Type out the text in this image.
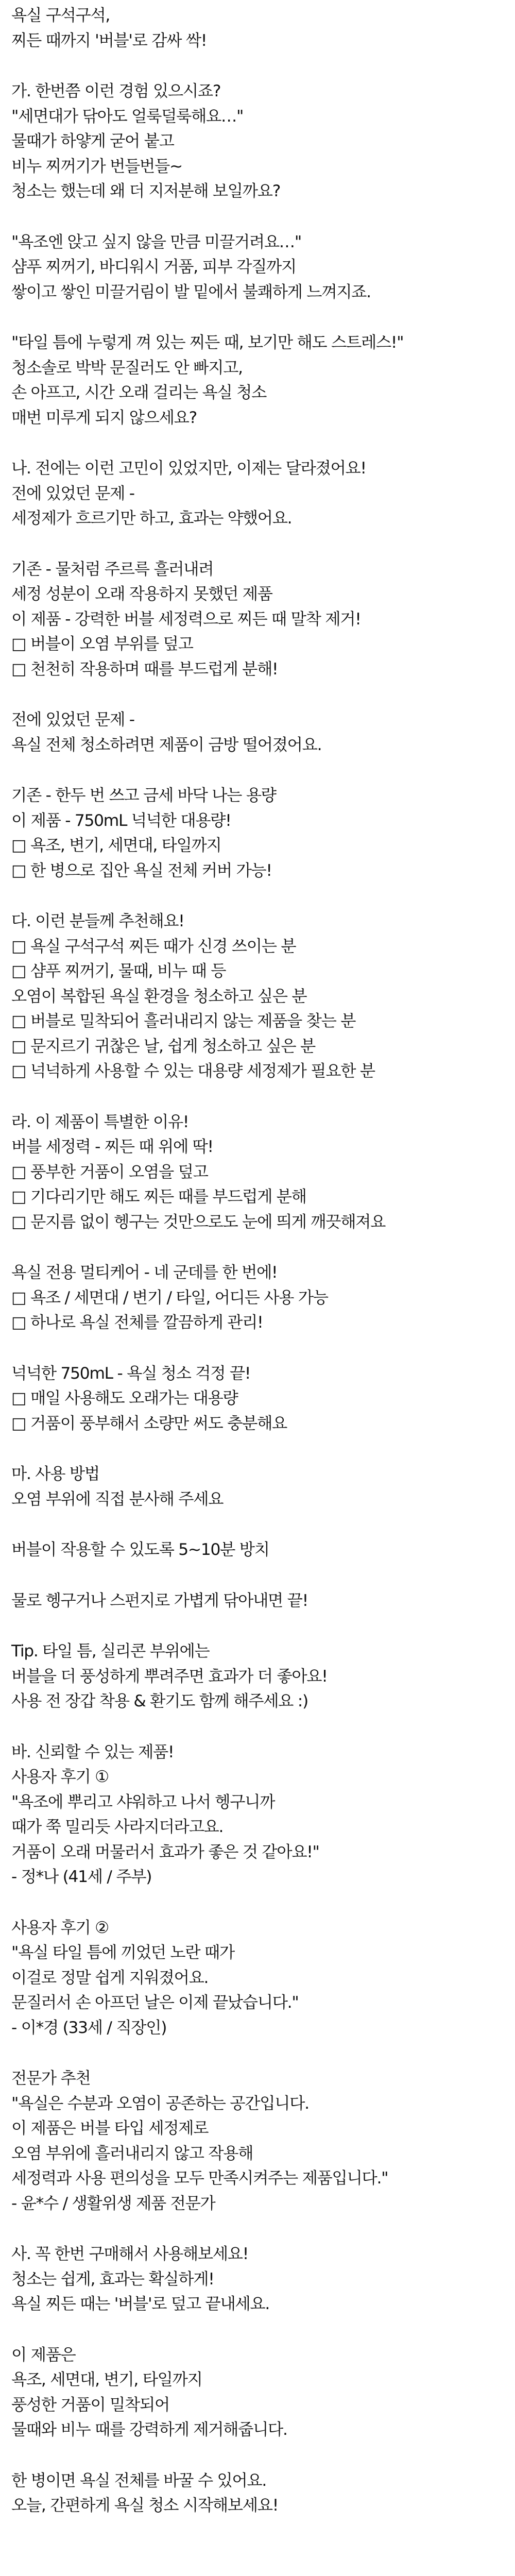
욕실 구석구석,
찌든 때까지 '버블'로 감싸 싹!
가. 한번쯤 이런 경험 있으시죠?
"세면대가 닦아도 얼룩덜룩해요…"
물때가 하얗게 굳어 붙고
비누 찌꺼기가 번들번들~
청소는 했는데 왜 더 지저분해 보일까요?
"욕조엔 앉고 싶지 않을 만큼 미끌거려요…"
샴푸 찌꺼기, 바디워시 거품, 피부 각질까지
쌓이고 쌓인 미끌거림이 발 밑에서 불쾌하게 느껴지죠.
"타일 틈에 누렇게 껴 있는 찌든 때, 보기만 해도 스트레스!"
청소솔로 박박 문질러도 안 빠지고,
손 아프고, 시간 오래 걸리는 욕실 청소
매번 미루게 되지 않으세요?
나. 전에는 이런 고민이 있었지만, 이제는 달라졌어요!
전에 있었던 문제 -
세정제가 흐르기만 하고, 효과는 약했어요.
기존 - 물처럼 주르륵 흘러내려
세정 성분이 오래 작용하지 못했던 제품
이 제품 - 강력한 버블 세정력으로 찌든 때 말착 제거!
□ 버블이 오염 부위를 덮고
□ 천천히 작용하며 때를 부드럽게 분해!
전에 있었던 문제 -
욕실 전체 청소하려면 제품이 금방 떨어졌어요.
기존 - 한두 번 쓰고 금세 바닥 나는 용량
이 제품 - 750mL 넉넉한 대용량!
□ 욕조, 변기, 세면대, 타일까지
□ 한 병으로 집안 욕실 전체 커버 가능!
다. 이런 분들께 추천해요!
□ 욕실 구석구석 찌든 때가 신경 쓰이는 분
□ 샴푸 찌꺼기, 물때, 비누 때 등
오염이 복합된 욕실 환경을 청소하고 싶은 분
□ 버블로 밀착되어 흘러내리지 않는 제품을 찾는 분
□ 문지르기 귀찮은 날, 쉽게 청소하고 싶은 분
□ 넉넉하게 사용할 수 있는 대용량 세정제가 필요한 분
라. 이 제품이 특별한 이유!
버블 세정력 - 찌든 때 위에 딱!
□ 풍부한 거품이 오염을 덮고
□ 기다리기만 해도 찌든 때를 부드럽게 분해
□ 문지름 없이 헹구는 것만으로도 눈에 띄게 깨끗해져요
욕실 전용 멀티케어 - 네 군데를 한 번에!
□ 욕조 / 세면대 / 변기 / 타일, 어디든 사용 가능
□ 하나로 욕실 전체를 깔끔하게 관리!
넉넉한 750mL - 욕실 청소 걱정 끝!
□ 매일 사용해도 오래가는 대용량
□ 거품이 풍부해서 소량만 써도 충분해요
마. 사용 방법
오염 부위에 직접 분사해 주세요
버블이 작용할 수 있도록 5~10분 방치
물로 헹구거나 스펀지로 가볍게 닦아내면 끝!
Tip. 타일 틈, 실리콘 부위에는
버블을 더 풍성하게 뿌려주면 효과가 더 좋아요!
사용 전 장갑 착용 & 환기도 함께 해주세요 :)
바. 신뢰할 수 있는 제품!
사용자 후기 ①
"욕조에 뿌리고 샤워하고 나서 헹구니까
때가 쭉 밀리듯 사라지더라고요.
거품이 오래 머물러서 효과가 좋은 것 같아요!"
- 정*나 (41세 / 주부)
사용자 후기 ②
"욕실 타일 틈에 끼었던 노란 때가
이걸로 정말 쉽게 지워졌어요.
문질러서 손 아프던 날은 이제 끝났습니다."
- 이*경 (33세 / 직장인)
전문가 추천
"욕실은 수분과 오염이 공존하는 공간입니다.
이 제품은 버블 타입 세정제로
오염 부위에 흘러내리지 않고 작용해
세정력과 사용 편의성을 모두 만족시켜주는 제품입니다."
- 윤*수 / 생활위생 제품 전문가
사. 꼭 한번 구매해서 사용해보세요!
청소는 쉽게, 효과는 확실하게!
욕실 찌든 때는 '버블'로 덮고 끝내세요.
이 제품은
욕조, 세면대, 변기, 타일까지
풍성한 거품이 밀착되어
물때와 비누 때를 강력하게 제거해줍니다.
한 병이면 욕실 전체를 바꿀 수 있어요.
오늘, 간편하게 욕실 청소 시작해보세요!
